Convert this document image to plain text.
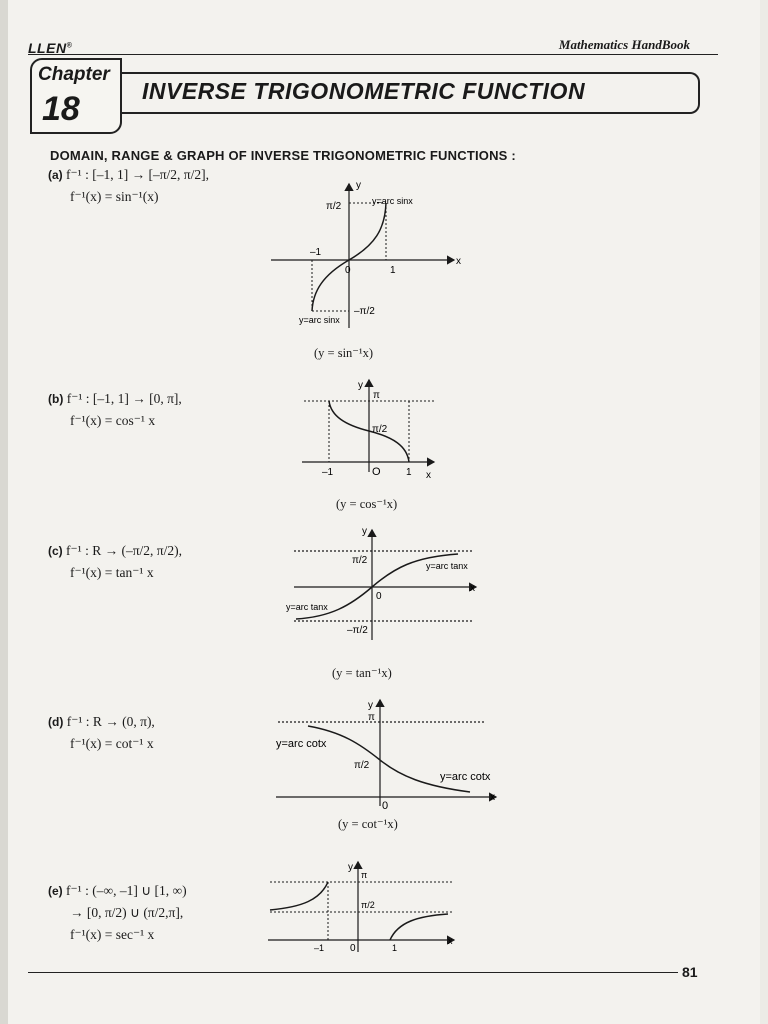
LLEN®	Mathematics HandBook
Chapter
18	INVERSE TRIGONOMETRIC FUNCTION
DOMAIN, RANGE & GRAPH OF INVERSE TRIGONOMETRIC FUNCTIONS :
(a) f⁻¹ : [–1, 1] → [–π/2, π/2],
f⁻¹(x) = sin⁻¹(x)
y
x
π/2
–π/2
–1
0	1
y=arc sinx
y=arc sinx
(y = sin⁻¹x)
(b) f⁻¹ : [–1, 1] → [0, π],
f⁻¹(x) = cos⁻¹ x
y
x
π
π/2
–1	O	1
(y = cos⁻¹x)
(c) f⁻¹ : R → (–π/2, π/2),
f⁻¹(x) = tan⁻¹ x
y
x
π/2
–π/2
0
y=arc tanx
y=arc tanx
(y = tan⁻¹x)
(d) f⁻¹ : R → (0, π),
f⁻¹(x) = cot⁻¹ x
y
x
π
π/2
0
y=arc cotx
y=arc cotx
(y = cot⁻¹x)
(e) f⁻¹ : (–∞, –1] ∪ [1, ∞)
→ [0, π/2) ∪ (π/2,π],
f⁻¹(x) = sec⁻¹ x
y
x
π
π/2
–1	0	1
81
